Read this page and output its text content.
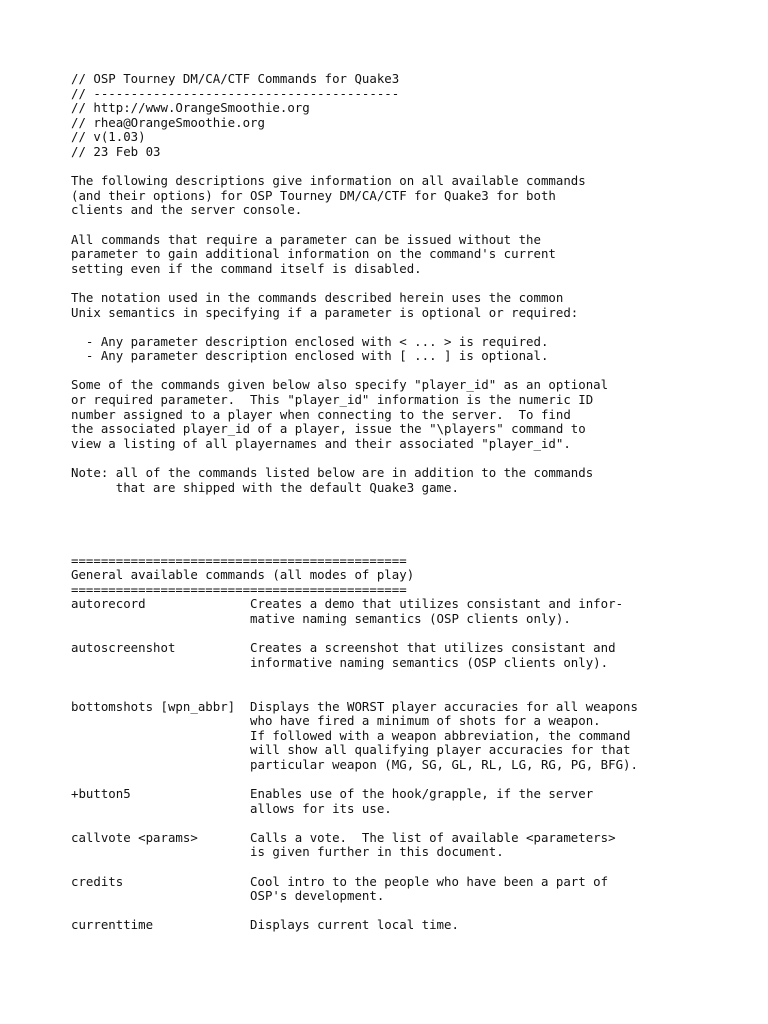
// OSP Tourney DM/CA/CTF Commands for Quake3
// -----------------------------------------
// http://www.OrangeSmoothie.org
// rhea@OrangeSmoothie.org
// v(1.03)
// 23 Feb 03
The following descriptions give information on all available commands
(and their options) for OSP Tourney DM/CA/CTF for Quake3 for both
clients and the server console.
All commands that require a parameter can be issued without the
parameter to gain additional information on the command's current
setting even if the command itself is disabled.
The notation used in the commands described herein uses the common
Unix semantics in specifying if a parameter is optional or required:
- Any parameter description enclosed with < ... > is required.
- Any parameter description enclosed with [ ... ] is optional.
Some of the commands given below also specify "player_id" as an optional
or required parameter.  This "player_id" information is the numeric ID
number assigned to a player when connecting to the server.  To find
the associated player_id of a player, issue the "\players" command to
view a listing of all playernames and their associated "player_id".
Note: all of the commands listed below are in addition to the commands
that are shipped with the default Quake3 game.
=============================================
General available commands (all modes of play)
=============================================
autorecord              Creates a demo that utilizes consistant and infor-
mative naming semantics (OSP clients only).
autoscreenshot          Creates a screenshot that utilizes consistant and
informative naming semantics (OSP clients only).
bottomshots [wpn_abbr]  Displays the WORST player accuracies for all weapons
who have fired a minimum of shots for a weapon.
If followed with a weapon abbreviation, the command
will show all qualifying player accuracies for that
particular weapon (MG, SG, GL, RL, LG, RG, PG, BFG).
+button5                Enables use of the hook/grapple, if the server
allows for its use.
callvote <params>       Calls a vote.  The list of available <parameters>
is given further in this document.
credits                 Cool intro to the people who have been a part of
OSP's development.
currenttime             Displays current local time.
